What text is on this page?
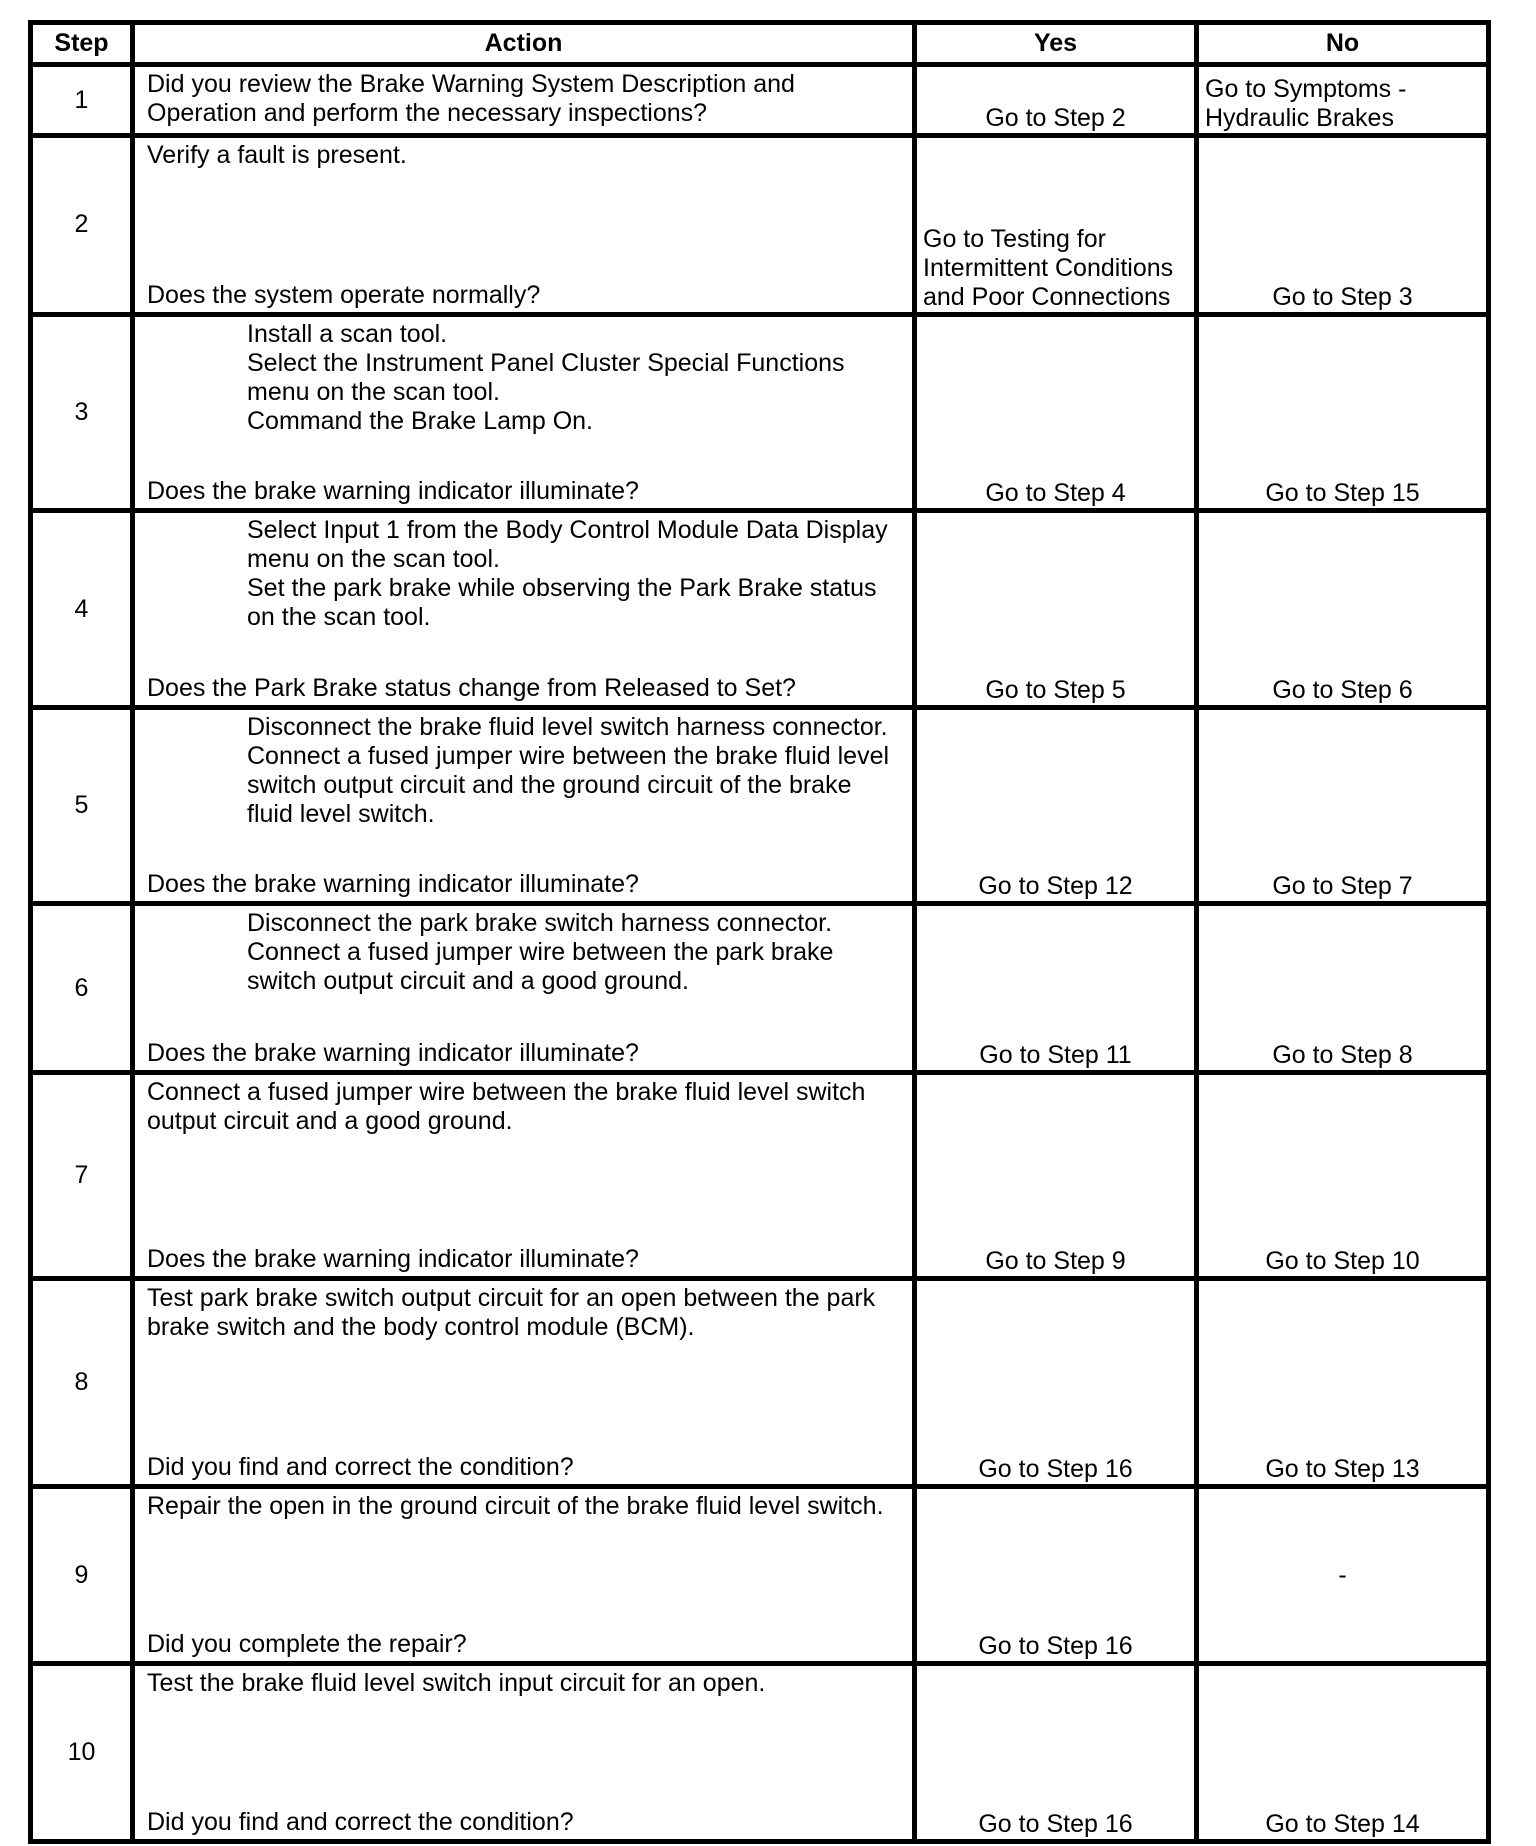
Step	Action	Yes	No
1	Did you review the Brake Warning System Description and Operation and perform the necessary inspections?	Go to Step 2	Go to Symptoms - Hydraulic Brakes
2	Verify a fault is present.

Does the system operate normally?	Go to Testing for Intermittent Conditions and Poor Connections	Go to Step 3
3	Install a scan tool.

Select the Instrument Panel Cluster Special Functions menu on the scan tool.

Command the Brake Lamp On.

Does the brake warning indicator illuminate?	Go to Step 4	Go to Step 15
4	Select Input 1 from the Body Control Module Data Display menu on the scan tool.

Set the park brake while observing the Park Brake status on the scan tool.

Does the Park Brake status change from Released to Set?	Go to Step 5	Go to Step 6
5	Disconnect the brake fluid level switch harness connector.

Connect a fused jumper wire between the brake fluid level switch output circuit and the ground circuit of the brake fluid level switch.

Does the brake warning indicator illuminate?	Go to Step 12	Go to Step 7
6	Disconnect the park brake switch harness connector.

Connect a fused jumper wire between the park brake switch output circuit and a good ground.

Does the brake warning indicator illuminate?	Go to Step 11	Go to Step 8
7	Connect a fused jumper wire between the brake fluid level switch output circuit and a good ground.

Does the brake warning indicator illuminate?	Go to Step 9	Go to Step 10
8	Test park brake switch output circuit for an open between the park brake switch and the body control module (BCM).

Did you find and correct the condition?	Go to Step 16	Go to Step 13
9	Repair the open in the ground circuit of the brake fluid level switch.

Did you complete the repair?	Go to Step 16	-
10	Test the brake fluid level switch input circuit for an open.

Did you find and correct the condition?	Go to Step 16	Go to Step 14
